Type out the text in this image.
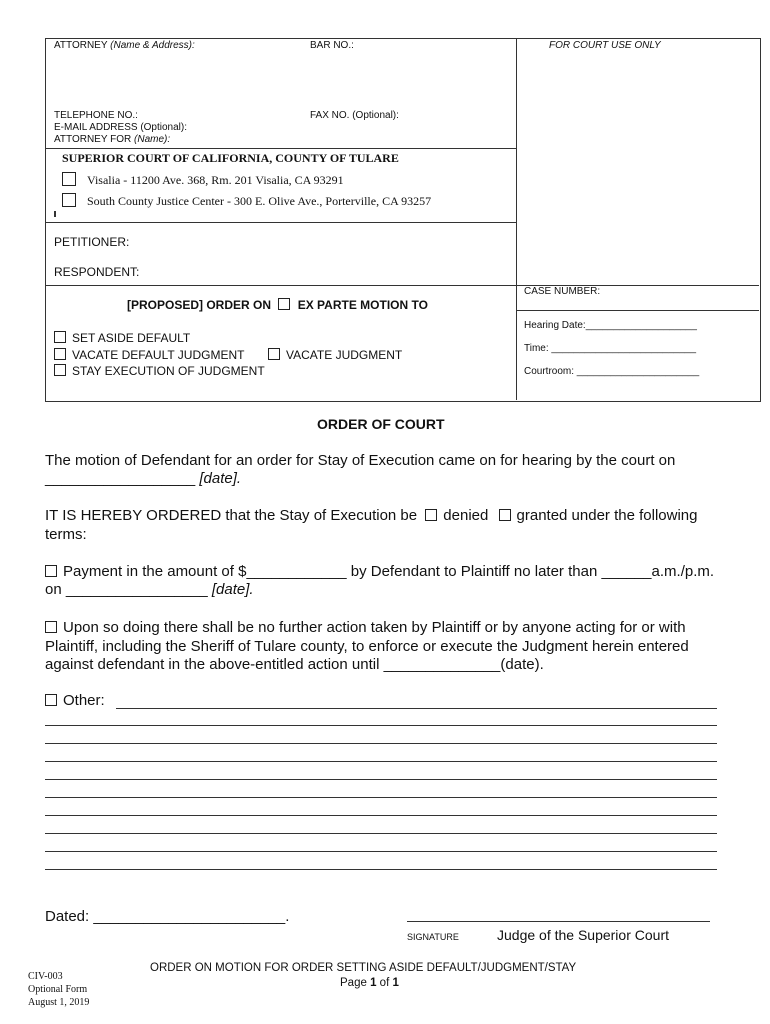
ATTORNEY (Name & Address):	BAR NO.:	FOR COURT USE ONLY
TELEPHONE NO.:	FAX NO. (Optional):
E-MAIL ADDRESS (Optional):
ATTORNEY FOR (Name):
SUPERIOR COURT OF CALIFORNIA, COUNTY OF TULARE
Visalia - 11200 Ave. 368, Rm. 201 Visalia, CA 93291
South County Justice Center - 300 E. Olive Ave., Porterville, CA 93257
PETITIONER:
RESPONDENT:
CASE NUMBER:
Hearing Date:____________________
Time: __________________________
Courtroom: ______________________
[PROPOSED] ORDER ON EX PARTE MOTION TO
SET ASIDE DEFAULT
VACATE DEFAULT JUDGMENT	VACATE JUDGMENT
STAY EXECUTION OF JUDGMENT
ORDER OF COURT
The motion of Defendant for an order for Stay of Execution came on for hearing by the court on
__________________ [date].
IT IS HEREBY ORDERED that the Stay of Execution be denied granted under the following
terms:
Payment in the amount of $____________ by Defendant to Plaintiff no later than ______a.m./p.m.
on _________________ [date].
Upon so doing there shall be no further action taken by Plaintiff or by anyone acting for or with
Plaintiff, including the Sheriff of Tulare county, to enforce or execute the Judgment herein entered
against defendant in the above-entitled action until ______________(date).
Other:
Dated: _______________________.
SIGNATURE	Judge of the Superior Court
CIV-003
Optional Form
August 1, 2019
ORDER ON MOTION FOR ORDER SETTING ASIDE DEFAULT/JUDGMENT/STAY
Page 1 of 1
